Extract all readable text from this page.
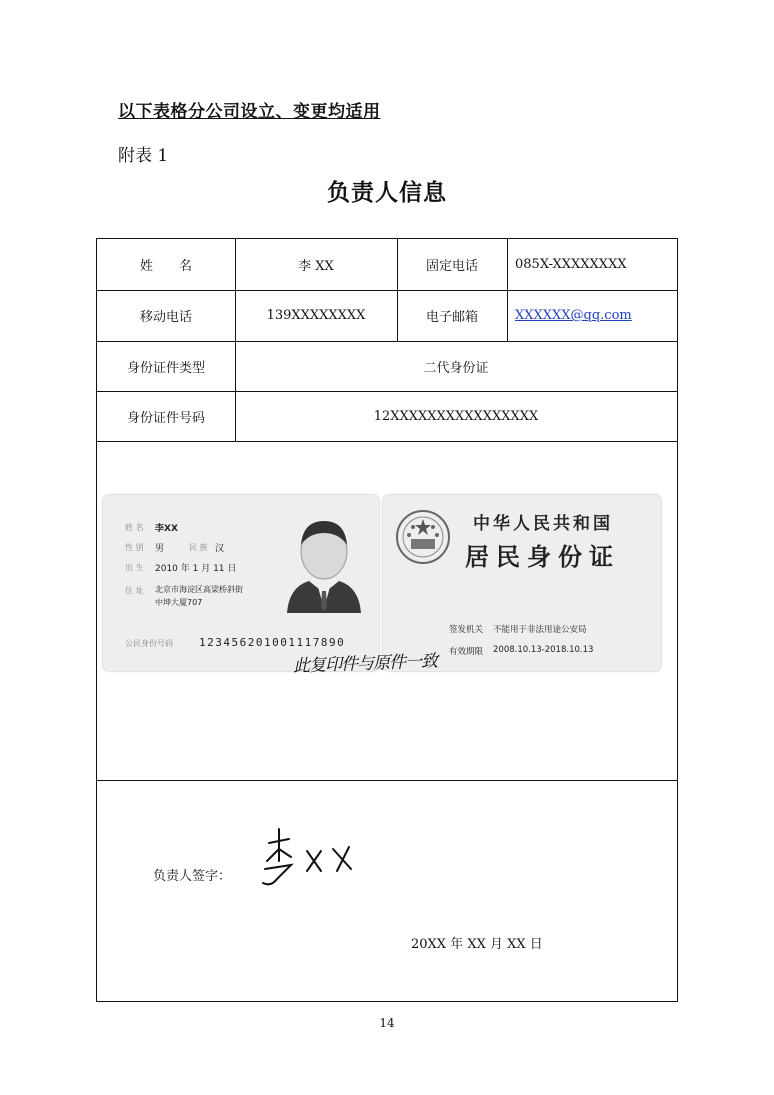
以下表格分公司设立、变更均适用
附表 1
负责人信息
姓　　名	李 XX	固定电话	085X-XXXXXXXX
移动电话	139XXXXXXXX	电子邮箱	XXXXXX@qq.com
身份证件类型	二代身份证
身份证件号码	12XXXXXXXXXXXXXXXX
姓 名 李XX
性 别 男	民 族 汉
出 生 2010 年 1 月 11 日
住 址 北京市海淀区高梁桥斜街
中坤大厦707
公民身份号码 123456201001117890
中华人民共和国
居民身份证
签发机关 不能用于非法用途公安局
有效期限 2008.10.13-2018.10.13
此复印件与原件一致
负责人签字：
20XX 年 XX 月 XX 日
14
